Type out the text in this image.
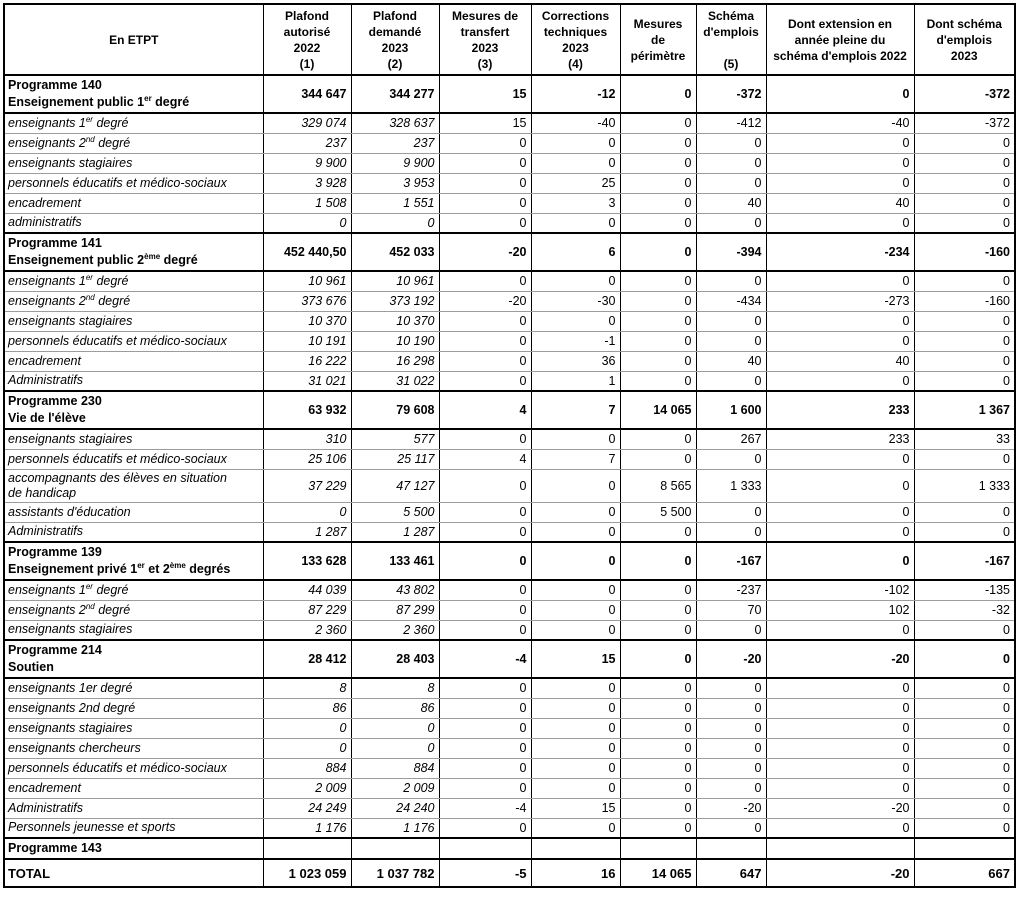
En ETPT	
Plafond
autorisé
2022
(1)

Plafond
demandé
2023
(2)

Mesures de
transfert
2023
(3)

Corrections
techniques
2023
(4)

Mesures
de
périmètre

Schéma
d'emplois

(5)

Dont extension en
année pleine du
schéma d'emplois 2022

Dont schéma
d'emplois
2023

Programme 140
Enseignement public 1er degré	344 647	344 277	15	-12	0	-372	0	-372

enseignants 1er degré	329 074	328 637	15	-40	0	-412	-40	-372

enseignants 2nd degré	237	237	0	0	0	0	0	0

enseignants stagiaires	9 900	9 900	0	0	0	0	0	0

personnels éducatifs et médico-sociaux	3 928	3 953	0	25	0	0	0	0

encadrement	1 508	1 551	0	3	0	40	40	0

administratifs	0	0	0	0	0	0	0	0

Programme 141
Enseignement public 2ème degré	452 440,50	452 033	-20	6	0	-394	-234	-160

enseignants 1er degré	10 961	10 961	0	0	0	0	0	0

enseignants 2nd degré	373 676	373 192	-20	-30	0	-434	-273	-160

enseignants stagiaires	10 370	10 370	0	0	0	0	0	0

personnels éducatifs et médico-sociaux	10 191	10 190	0	-1	0	0	0	0

encadrement	16 222	16 298	0	36	0	40	40	0

Administratifs	31 021	31 022	0	1	0	0	0	0

Programme 230
Vie de l'élève	63 932	79 608	4	7	14 065	1 600	233	1 367

enseignants stagiaires	310	577	0	0	0	267	233	33

personnels éducatifs et médico-sociaux	25 106	25 117	4	7	0	0	0	0

accompagnants des élèves en situation
de handicap	37 229	47 127	0	0	8 565	1 333	0	1 333

assistants d'éducation	0	5 500	0	0	5 500	0	0	0

Administratifs	1 287	1 287	0	0	0	0	0	0

Programme 139
Enseignement privé 1er et 2ème degrés	133 628	133 461	0	0	0	-167	0	-167

enseignants 1er degré	44 039	43 802	0	0	0	-237	-102	-135

enseignants 2nd degré	87 229	87 299	0	0	0	70	102	-32

enseignants stagiaires	2 360	2 360	0	0	0	0	0	0

Programme 214
Soutien	28 412	28 403	-4	15	0	-20	-20	0

enseignants 1er degré	8	8	0	0	0	0	0	0

enseignants 2nd degré	86	86	0	0	0	0	0	0

enseignants stagiaires	0	0	0	0	0	0	0	0

enseignants chercheurs	0	0	0	0	0	0	0	0

personnels éducatifs et médico-sociaux	884	884	0	0	0	0	0	0

encadrement	2 009	2 009	0	0	0	0	0	0

Administratifs	24 249	24 240	-4	15	0	-20	-20	0

Personnels jeunesse et sports	1 176	1 176	0	0	0	0	0	0

Programme 143								

TOTAL	1 023 059	1 037 782	-5	16	14 065	647	-20	667
